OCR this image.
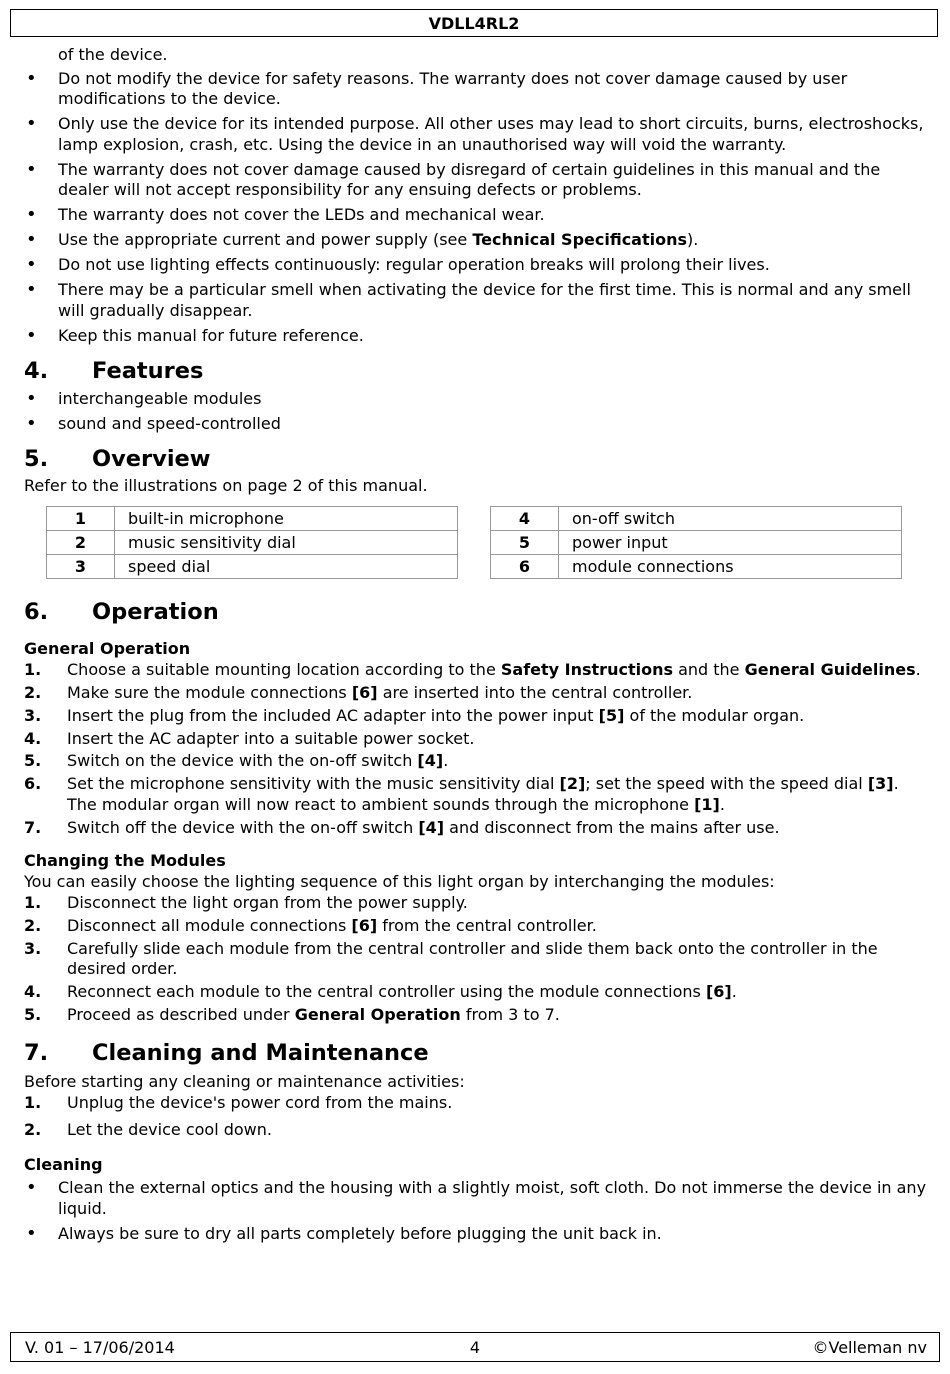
VDLL4RL2

of the device.

• Do not modify the device for safety reasons. The warranty does not cover damage caused by user modifications to the device.
• Only use the device for its intended purpose. All other uses may lead to short circuits, burns, electroshocks, lamp explosion, crash, etc. Using the device in an unauthorised way will void the warranty.
• The warranty does not cover damage caused by disregard of certain guidelines in this manual and the dealer will not accept responsibility for any ensuing defects or problems.
• The warranty does not cover the LEDs and mechanical wear.
• Use the appropriate current and power supply (see Technical Specifications).
• Do not use lighting effects continuously: regular operation breaks will prolong their lives.
• There may be a particular smell when activating the device for the first time. This is normal and any smell will gradually disappear.
• Keep this manual for future reference.
4.	Features
• interchangeable modules
• sound and speed-controlled
5.	Overview

Refer to the illustrations on page 2 of this manual.

1	built-in microphone
2	music sensitivity dial
3	speed dial
4	on-off switch
5	power input
6	module connections
6.	Operation

General Operation

1. Choose a suitable mounting location according to the Safety Instructions and the General Guidelines.
2. Make sure the module connections [6] are inserted into the central controller.
3. Insert the plug from the included AC adapter into the power input [5] of the modular organ.
4. Insert the AC adapter into a suitable power socket.
5. Switch on the device with the on-off switch [4].
6. Set the microphone sensitivity with the music sensitivity dial [2]; set the speed with the speed dial [3]. The modular organ will now react to ambient sounds through the microphone [1].
7. Switch off the device with the on-off switch [4] and disconnect from the mains after use.

Changing the Modules

You can easily choose the lighting sequence of this light organ by interchanging the modules:

1. Disconnect the light organ from the power supply.
2. Disconnect all module connections [6] from the central controller.
3. Carefully slide each module from the central controller and slide them back onto the controller in the desired order.
4. Reconnect each module to the central controller using the module connections [6].
5. Proceed as described under General Operation from 3 to 7.
7.	Cleaning and Maintenance

Before starting any cleaning or maintenance activities:

1. Unplug the device's power cord from the mains.
2. Let the device cool down.

Cleaning

• Clean the external optics and the housing with a slightly moist, soft cloth. Do not immerse the device in any liquid.
• Always be sure to dry all parts completely before plugging the unit back in.
V. 01 – 17/06/2014	4	©Velleman nv
